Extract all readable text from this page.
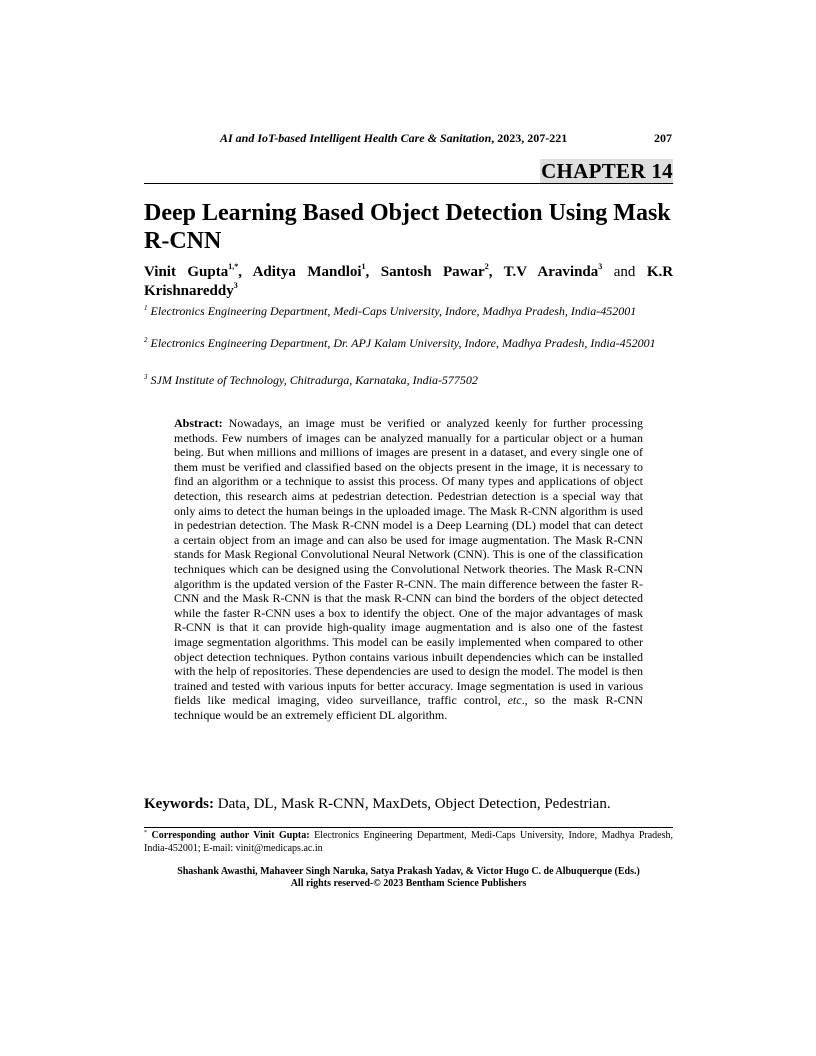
AI and IoT-based Intelligent Health Care & Sanitation, 2023, 207-221	207
CHAPTER 14
Deep Learning Based Object Detection Using Mask R-CNN
Vinit Gupta$^{1,*}$, Aditya Mandloi$^1$, Santosh Pawar$^2$, T.V Aravinda$^3$ and K.R Krishnareddy$^3$
$^1$ Electronics Engineering Department, Medi-Caps University, Indore, Madhya Pradesh, India-452001
$^2$ Electronics Engineering Department, Dr. APJ Kalam University, Indore, Madhya Pradesh, India-452001
$^3$ SJM Institute of Technology, Chitradurga, Karnataka, India-577502
Abstract: Nowadays, an image must be verified or analyzed keenly for further processing methods. Few numbers of images can be analyzed manually for a particular object or a human being. But when millions and millions of images are present in a dataset, and every single one of them must be verified and classified based on the objects present in the image, it is necessary to find an algorithm or a technique to assist this process. Of many types and applications of object detection, this research aims at pedestrian detection. Pedestrian detection is a special way that only aims to detect the human beings in the uploaded image. The Mask R-CNN algorithm is used in pedestrian detection. The Mask R-CNN model is a Deep Learning (DL) model that can detect a certain object from an image and can also be used for image augmentation. The Mask R-CNN stands for Mask Regional Convolutional Neural Network (CNN). This is one of the classification techniques which can be designed using the Convolutional Network theories. The Mask R-CNN algorithm is the updated version of the Faster R-CNN. The main difference between the faster R-CNN and the Mask R-CNN is that the mask R-CNN can bind the borders of the object detected while the faster R-CNN uses a box to identify the object. One of the major advantages of mask R-CNN is that it can provide high-quality image augmentation and is also one of the fastest image segmentation algorithms. This model can be easily implemented when compared to other object detection techniques. Python contains various inbuilt dependencies which can be installed with the help of repositories. These dependencies are used to design the model. The model is then trained and tested with various inputs for better accuracy. Image segmentation is used in various fields like medical imaging, video surveillance, traffic control, etc., so the mask R-CNN technique would be an extremely efficient DL algorithm.
Keywords: Data, DL, Mask R-CNN, MaxDets, Object Detection, Pedestrian.
* Corresponding author Vinit Gupta: Electronics Engineering Department, Medi-Caps University, Indore, Madhya Pradesh, India-452001; E-mail: vinit@medicaps.ac.in
Shashank Awasthi, Mahaveer Singh Naruka, Satya Prakash Yadav, & Victor Hugo C. de Albuquerque (Eds.)
All rights reserved-© 2023 Bentham Science Publishers
